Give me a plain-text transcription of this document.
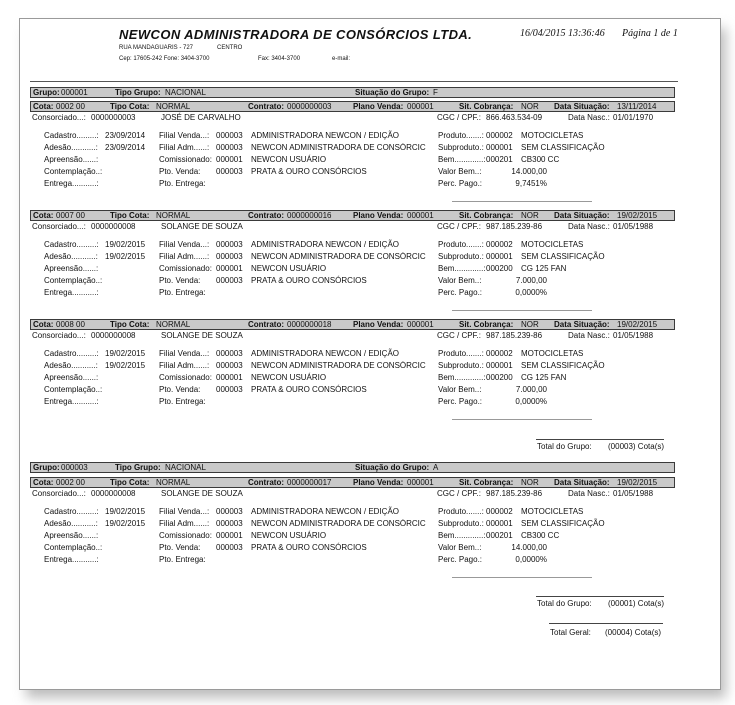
NEWCON ADMINISTRADORA DE CONSÓRCIOS LTDA.
RUA MANDAGUARIS - 727	CENTRO
Cep: 17605-242 Fone: 3404-3700	Fax: 3404-3700	e-mail:
16/04/2015 13:36:46 Página 1 de 1
Grupo: 000001	Tipo Grupo: NACIONAL	Situação do Grupo: F
Cota: 0002 00	Tipo Cota: NORMAL	Contrato: 0000000003	Plano Venda: 000001	Sit. Cobrança: NOR Data Situação: 13/11/2014
Consorciado...: 0000000003	JOSÉ DE CARVALHO	CGC / CPF.: 866.463.534-09	Data Nasc.: 01/01/1970
Cadastro.........: 23/09/2014 Filial Venda...: 000003 ADMINISTRADORA NEWCON / EDIÇÃO	Produto.......: 000002 MOTOCICLETAS
Adesão...........: 23/09/2014 Filial Adm......: 000003 NEWCON ADMINISTRADORA DE CONSÓRCIC	Subproduto.: 000001 SEM CLASSIFICAÇÃO
Apreensão......:	Comissionado: 000001 NEWCON USUÁRIO	Bem.............: 000201 CB300 CC
Contemplação..:	Pto. Venda: 000003 PRATA & OURO CONSÓRCIOS	Valor Bem..:	14.000,00
Entrega...........:	Pto. Entrega:	Perc. Pago.:	9,7451%
Cota: 0007 00	Tipo Cota: NORMAL	Contrato: 0000000016	Plano Venda: 000001	Sit. Cobrança: NOR Data Situação: 19/02/2015
Consorciado...: 0000000008	SOLANGE DE SOUZA	CGC / CPF.: 987.185.239-86	Data Nasc.: 01/05/1988
Cadastro.........: 19/02/2015 Filial Venda...: 000003 ADMINISTRADORA NEWCON / EDIÇÃO	Produto.......: 000002 MOTOCICLETAS
Adesão...........: 19/02/2015 Filial Adm......: 000003 NEWCON ADMINISTRADORA DE CONSÓRCIC	Subproduto.: 000001 SEM CLASSIFICAÇÃO
Apreensão......:	Comissionado: 000001 NEWCON USUÁRIO	Bem.............: 000200 CG 125 FAN
Contemplação..:	Pto. Venda: 000003 PRATA & OURO CONSÓRCIOS	Valor Bem..:	7.000,00
Entrega...........:	Pto. Entrega:	Perc. Pago.:	0,0000%
Cota: 0008 00	Tipo Cota: NORMAL	Contrato: 0000000018	Plano Venda: 000001	Sit. Cobrança: NOR Data Situação: 19/02/2015
Consorciado...: 0000000008	SOLANGE DE SOUZA	CGC / CPF.: 987.185.239-86	Data Nasc.: 01/05/1988
Cadastro.........: 19/02/2015 Filial Venda...: 000003 ADMINISTRADORA NEWCON / EDIÇÃO	Produto.......: 000002 MOTOCICLETAS
Adesão...........: 19/02/2015 Filial Adm......: 000003 NEWCON ADMINISTRADORA DE CONSÓRCIC	Subproduto.: 000001 SEM CLASSIFICAÇÃO
Apreensão......:	Comissionado: 000001 NEWCON USUÁRIO	Bem.............: 000200 CG 125 FAN
Contemplação..:	Pto. Venda: 000003 PRATA & OURO CONSÓRCIOS	Valor Bem..:	7.000,00
Entrega...........:	Pto. Entrega:	Perc. Pago.:	0,0000%
Total do Grupo: (00003) Cota(s)
Grupo: 000003	Tipo Grupo: NACIONAL	Situação do Grupo: A
Cota: 0002 00	Tipo Cota: NORMAL	Contrato: 0000000017	Plano Venda: 000001	Sit. Cobrança: NOR Data Situação: 19/02/2015
Consorciado...: 0000000008	SOLANGE DE SOUZA	CGC / CPF.: 987.185.239-86	Data Nasc.: 01/05/1988
Cadastro.........: 19/02/2015 Filial Venda...: 000003 ADMINISTRADORA NEWCON / EDIÇÃO	Produto.......: 000002 MOTOCICLETAS
Adesão...........: 19/02/2015 Filial Adm......: 000003 NEWCON ADMINISTRADORA DE CONSÓRCIC	Subproduto.: 000001 SEM CLASSIFICAÇÃO
Apreensão......:	Comissionado: 000001 NEWCON USUÁRIO	Bem.............: 000201 CB300 CC
Contemplação..:	Pto. Venda: 000003 PRATA & OURO CONSÓRCIOS	Valor Bem..:	14.000,00
Entrega...........:	Pto. Entrega:	Perc. Pago.:	0,0000%
Total do Grupo: (00001) Cota(s)
Total Geral: (00004) Cota(s)
